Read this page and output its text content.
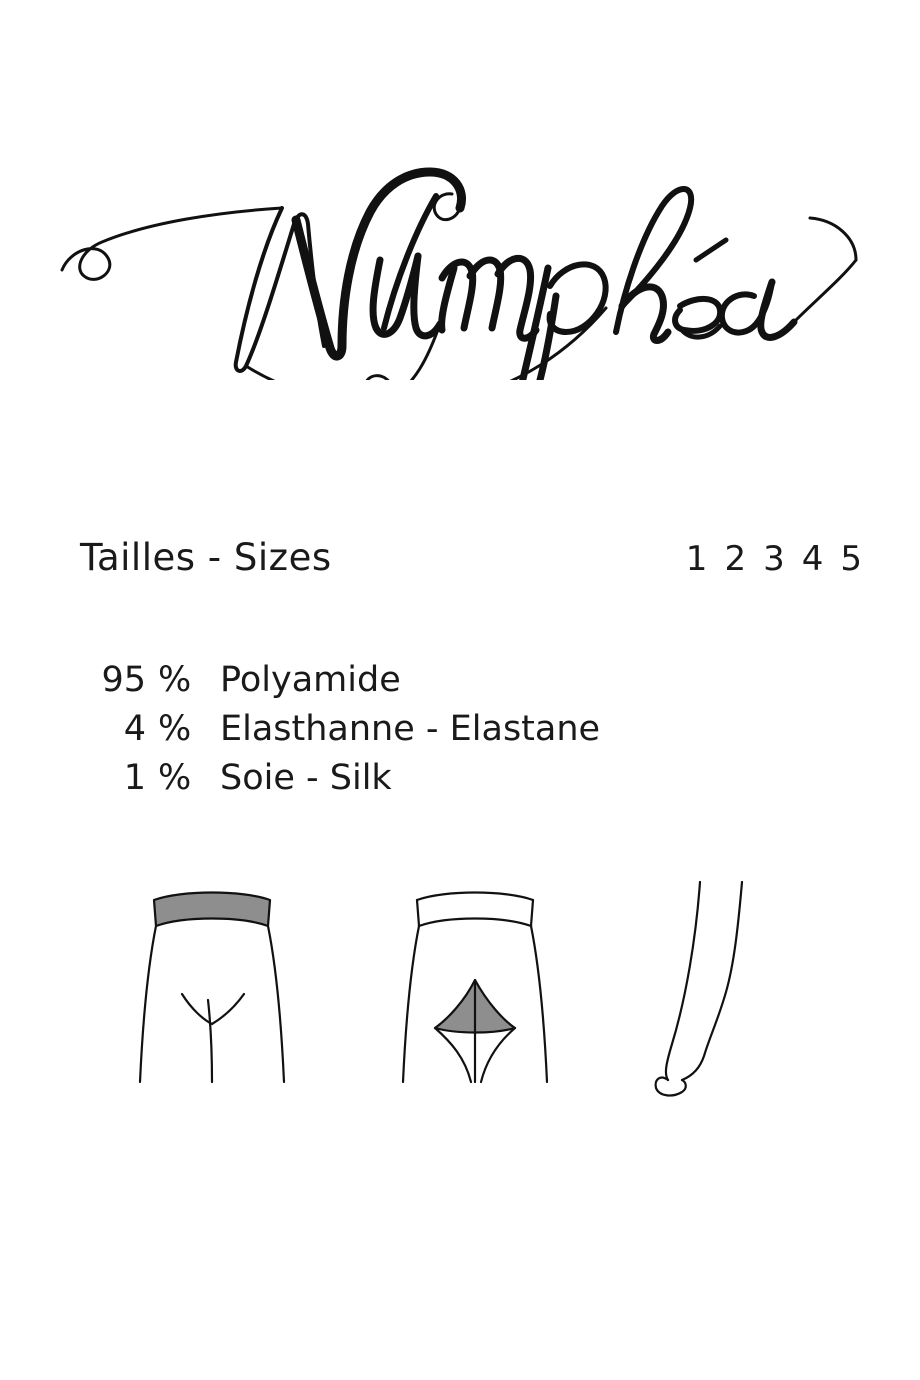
Tailles - Sizes	1 2 3 4 5
95 % Polyamide
4 % Elasthanne - Elastane
1 % Soie - Silk
